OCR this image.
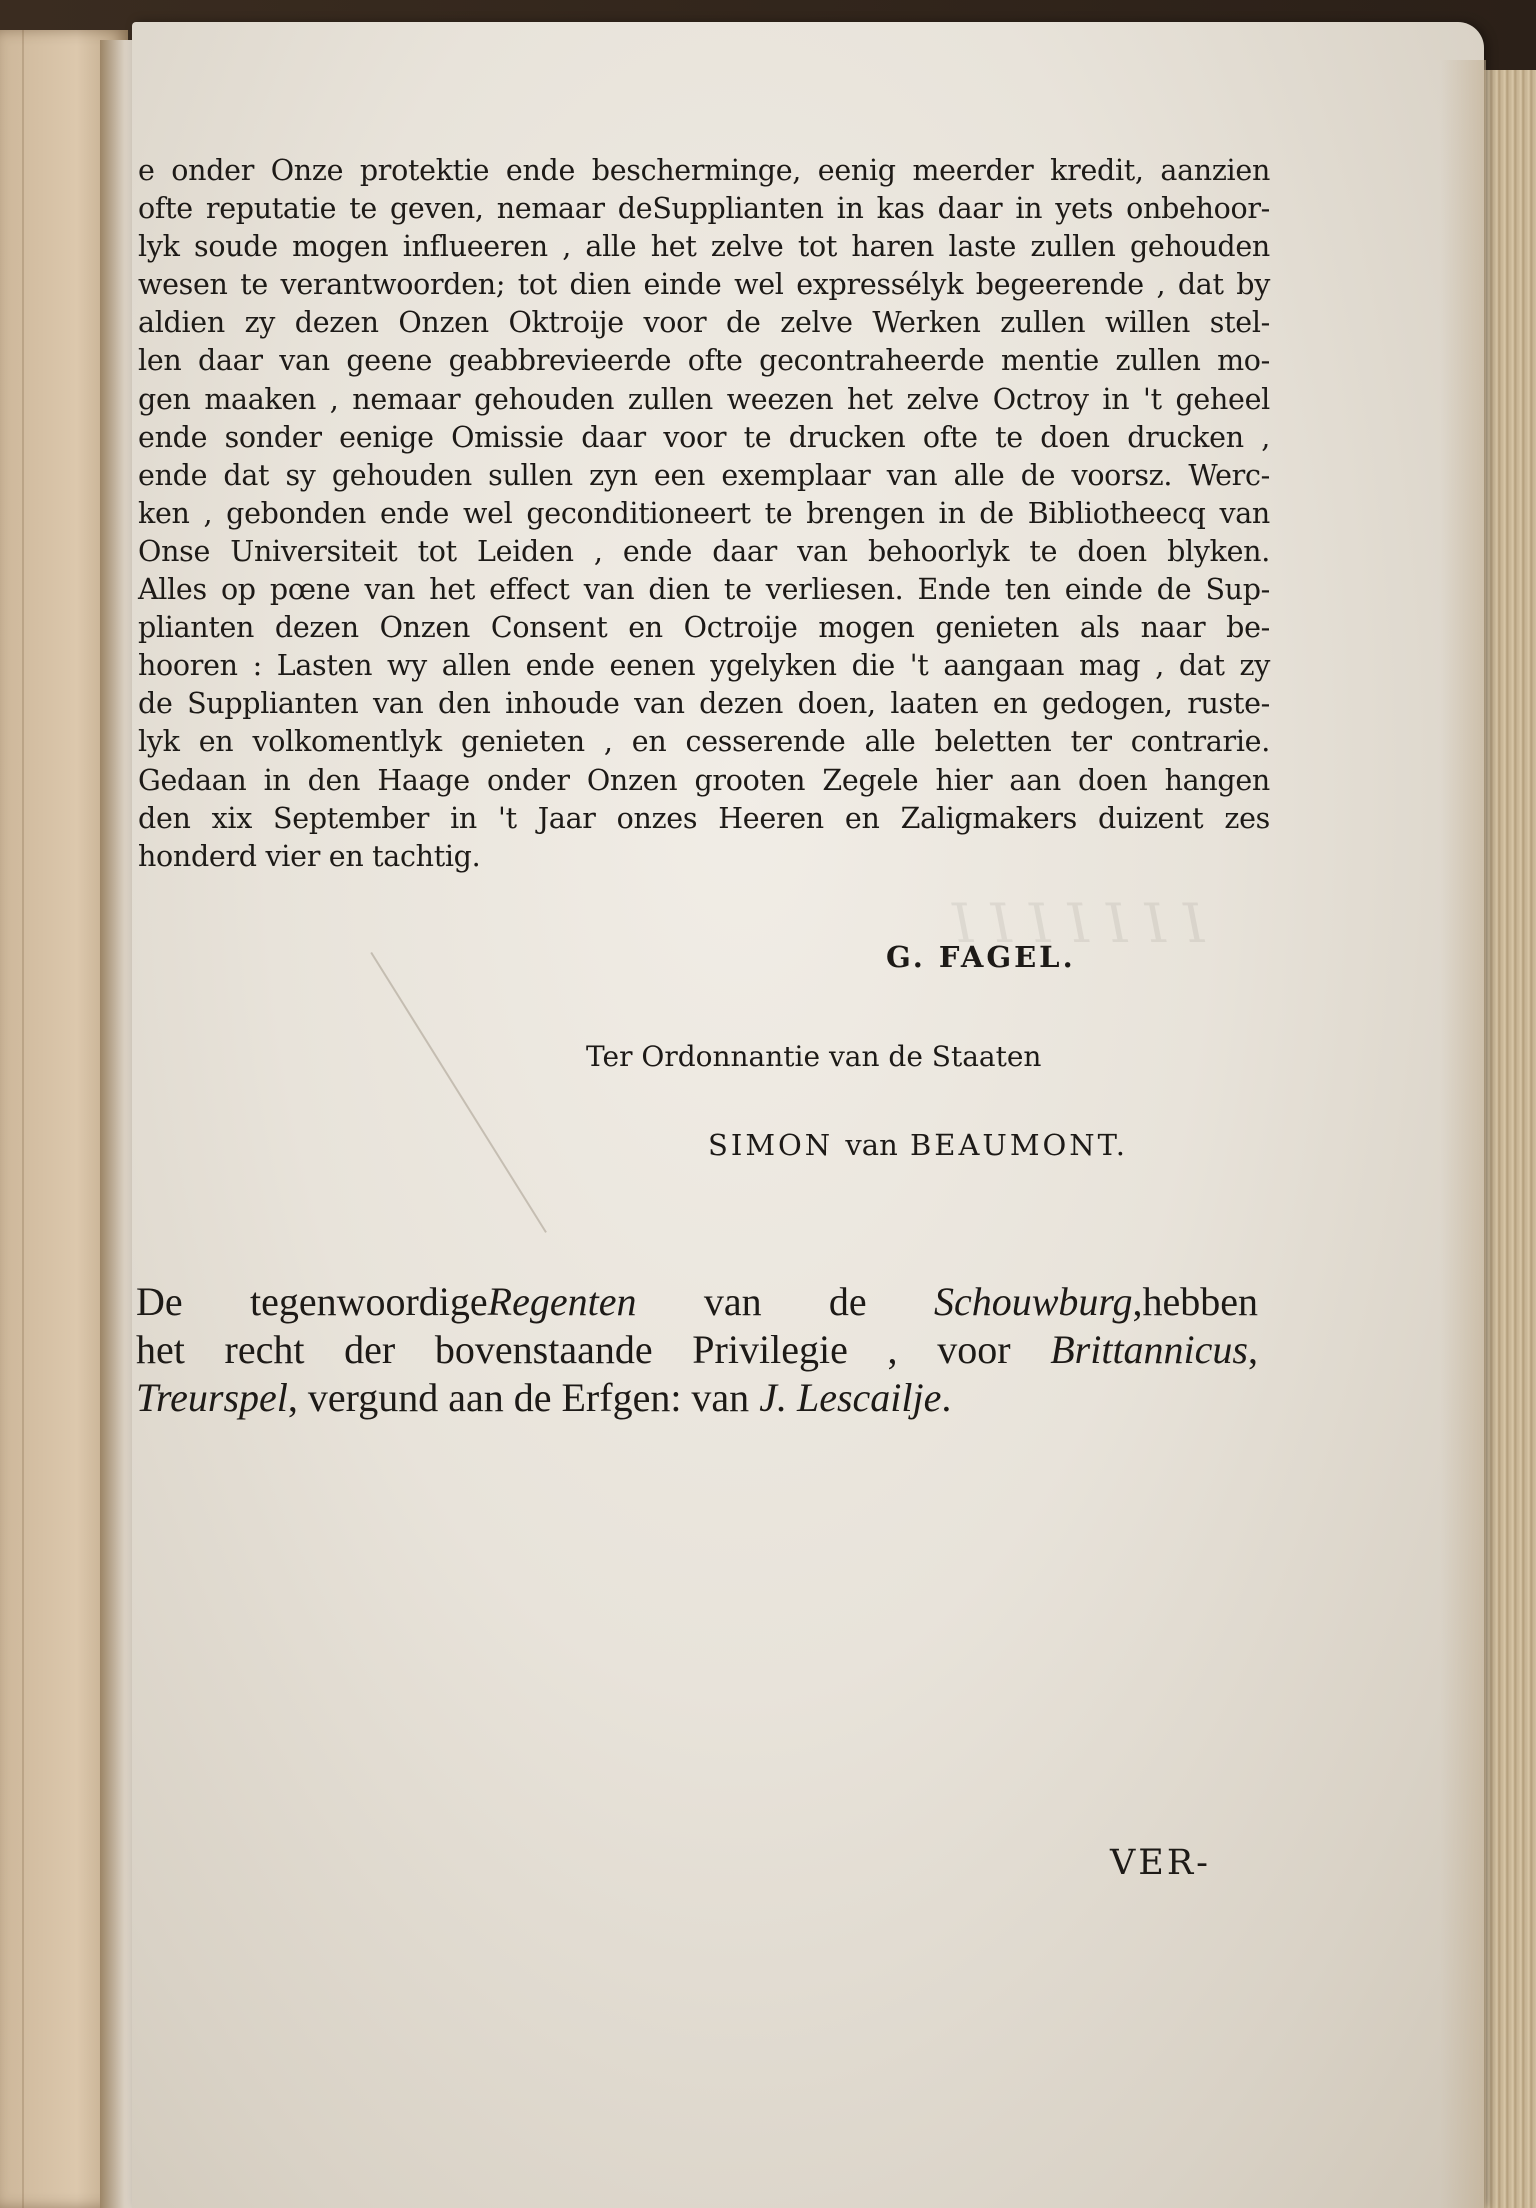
I I I I I I I
e onder Onze protektie ende beschermingе, eenig meerder kredit, aanzien
ofte reputatie te geven, nemaar deSupplianten in kas daar in yets onbehoor-
lyk soude mogen influeeren , alle het zelve tot haren laste zullen gehouden
wesen te verantwoorden; tot dien einde wel expressélyk begeerende , dat by
aldien zy dezen Onzen Oktroije voor de zelve Werken zullen willen stel-
len daar van geene geabbrevieerde ofte gecontraheerde mentie zullen mo-
gen maaken , nemaar gehouden zullen weezen het zelve Octroy in 't geheel
ende sonder eenige Omissie daar voor te drucken ofte te doen drucken ,
ende dat sy gehouden sullen zyn een exemplaar van alle de voorsz. Werc-
ken , gebonden ende wel geconditioneert te brengen in de Bibliotheecq van
Onse Universiteit tot Leiden , ende daar van behoorlyk te doen blyken.
Alles op pœne van het effect van dien te verliesen. Ende ten einde de Sup-
plianten dezen Onzen Consent en Octroije mogen genieten als naar be-
hooren : Lasten wy allen ende eenen ygelyken die 't aangaan mag , dat zy
de Supplianten van den inhoude van dezen doen, laaten en gedogen, ruste-
lyk en volkomentlyk genieten , en cesserende alle beletten ter contrarie.
Gedaan in den Haage onder Onzen grooten Zegele hier aan doen hangen
den xix September in 't Jaar onzes Heeren en Zaligmakers duizent zes
honderd vier en tachtig.
G. FAGEL.
Ter Ordonnantie van de Staaten
SIMON van BEAUMONT.
De tegenwoordigeRegenten van de Schouwburg,hebben
het recht der bovenstaande Privilegie , voor Brittannicus,
Treurspel, vergund aan de Erfgen: van J. Lescailje.
VER-
